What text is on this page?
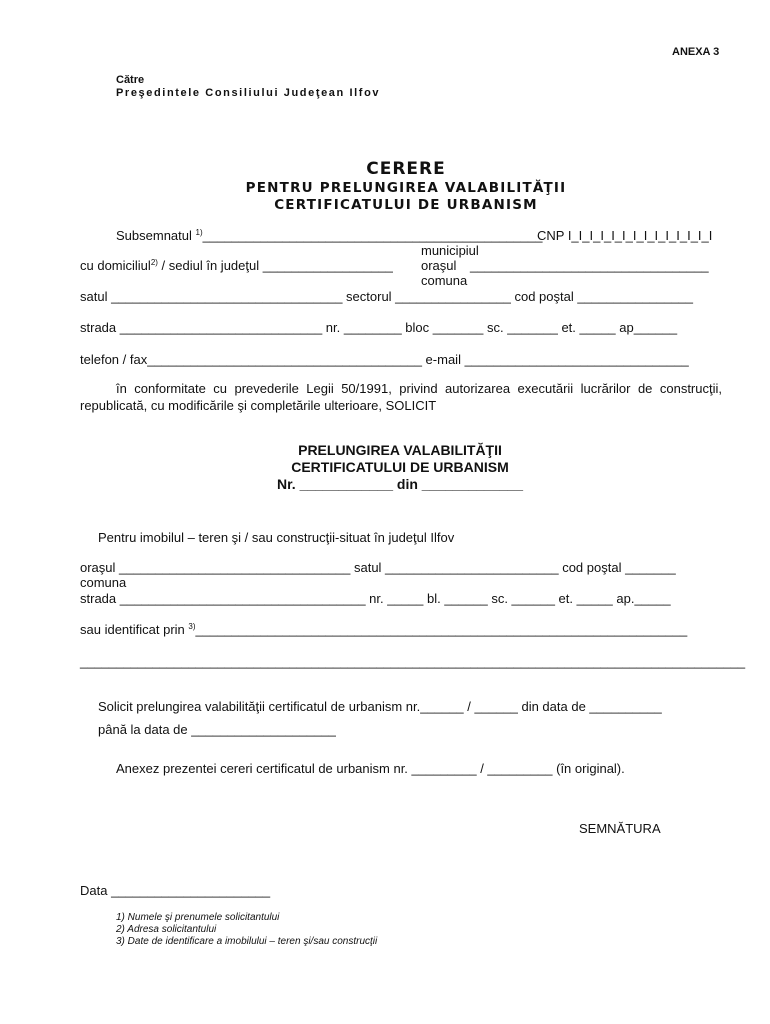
ANEXA 3
Către
Preşedintele Consiliului Judeţean Ilfov
CERERE
PENTRU PRELUNGIREA VALABILITĂŢII
CERTIFICATULUI DE URBANISM
Subsemnatul $^{1)}$_______________________________________________
CNP I_I_I_I_I_I_I_I_I_I_I_I_I_I
municipiul
cu domiciliul$^{2)}$ / sediul în judeţul __________________ oraşul _________________________________
comuna
satul ________________________________ sectorul ________________ cod poştal ________________
strada ____________________________ nr. ________ bloc _______ sc. _______ et. _____ ap______
telefon / fax______________________________________ e-mail _______________________________
în conformitate cu prevederile Legii 50/1991, privind autorizarea executării lucrărilor de construcţii, republicată, cu modificările şi completările ulterioare, SOLICIT
PRELUNGIREA VALABILITĂŢII
CERTIFICATULUI DE URBANISM
Nr. ____________ din _____________
Pentru imobilul – teren şi / sau construcţii-situat în judeţul Ilfov
oraşul ________________________________ satul ________________________ cod poştal _______
comuna
strada __________________________________ nr. _____ bl. ______ sc. ______ et. _____ ap._____
sau identificat prin $^{3)}$____________________________________________________________________
____________________________________________________________________________________________
Solicit prelungirea valabilităţii certificatul de urbanism nr.______ / ______ din data de __________
până la data de ____________________
Anexez prezentei cereri certificatul de urbanism nr. _________ / _________ (în original).
SEMNĂTURA
Data ______________________
1) Numele şi prenumele solicitantului
2) Adresa solicitantului
3) Date de identificare a imobilului – teren şi/sau construcţii
